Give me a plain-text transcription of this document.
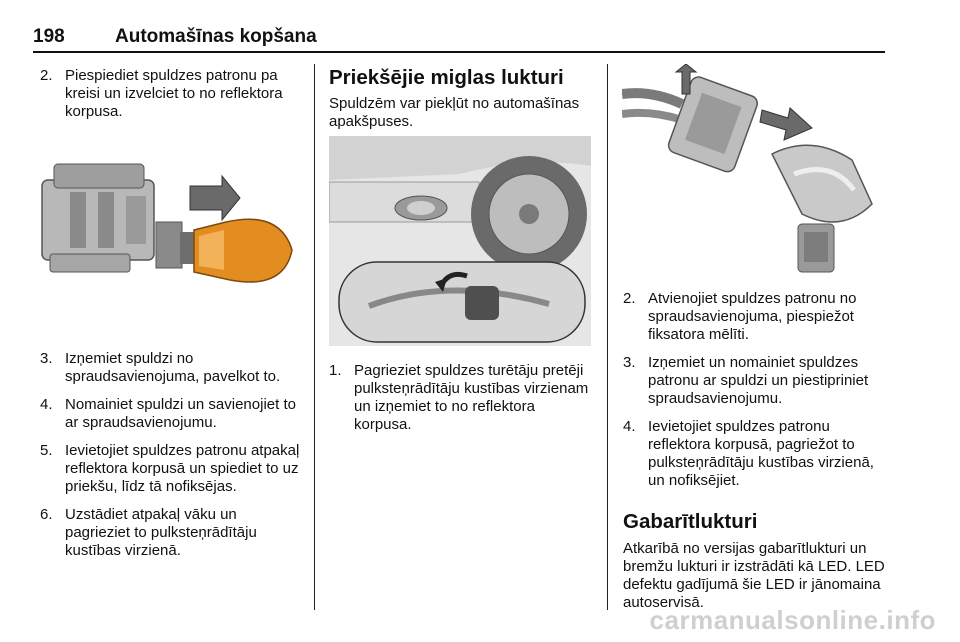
198	Automašīnas kopšana
2. Piespiediet spuldzes patronu pa kreisi un izvelciet to no reflektora korpusa.
3. Izņemiet spuldzi no spraudsavienojuma, pavelkot to.
4. Nomainiet spuldzi un savienojiet to ar spraudsavienojumu.
5. Ievietojiet spuldzes patronu atpakaļ reflektora korpusā un spiediet to uz priekšu, līdz tā nofiksējas.
6. Uzstādiet atpakaļ vāku un pagrieziet to pulksteņrādītāju kustības virzienā.
Priekšējie miglas lukturi

Spuldzēm var piekļūt no automašīnas apakšpuses.

1. Pagrieziet spuldzes turētāju pretēji pulksteņrādītāju kustības virzienam un izņemiet to no reflektora korpusa.
2. Atvienojiet spuldzes patronu no spraudsavienojuma, piespiežot fiksatora mēlīti.
3. Izņemiet un nomainiet spuldzes patronu ar spuldzi un piestipriniet spraudsavienojumu.
4. Ievietojiet spuldzes patronu reflektora korpusā, pagriežot to pulksteņrādītāju kustības virzienā, un nofiksējiet.
Gabarītlukturi

Atkarībā no versijas gabarītlukturi un bremžu lukturi ir izstrādāti kā LED. LED defektu gadījumā šie LED ir jānomaina autoservisā.

carmanualsonline.info
